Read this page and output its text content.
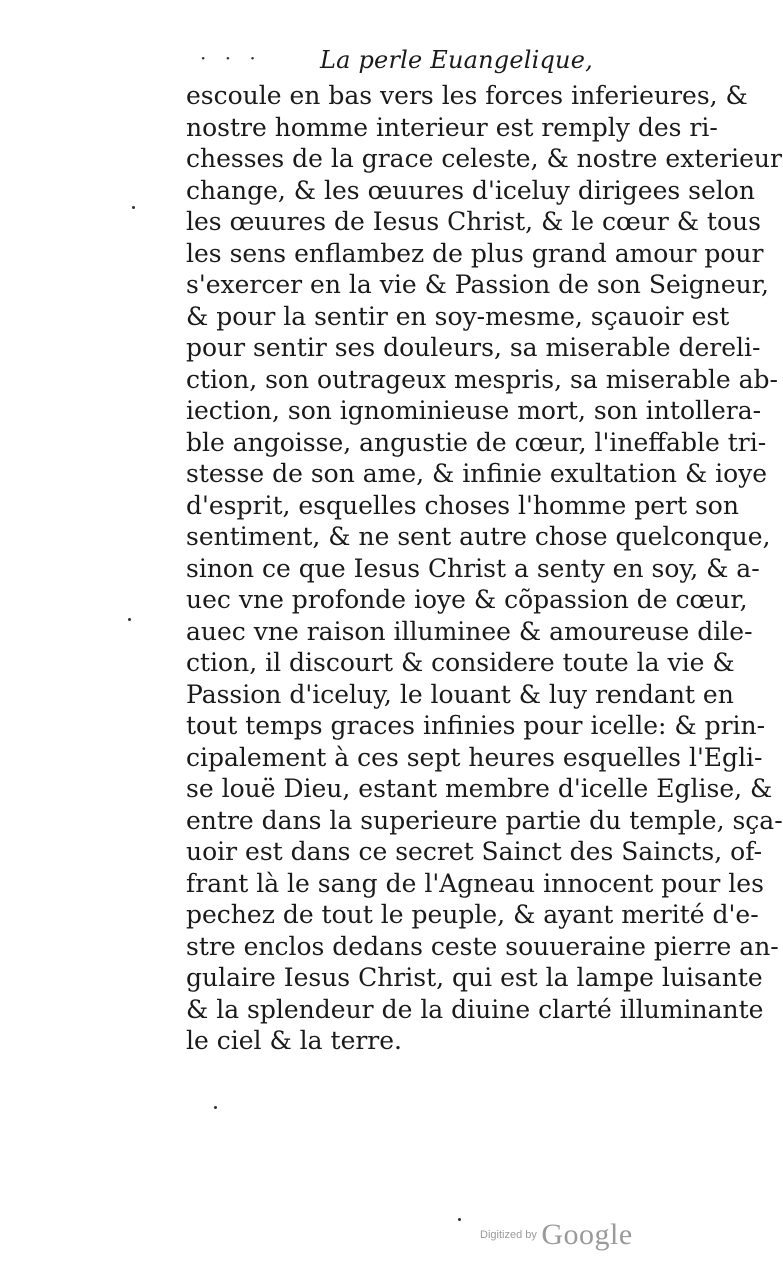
· · · La perle Euangelique,
escoule en bas vers les forces inferieures, &
nostre homme interieur est remply des ri-
chesses de la grace celeste, & nostre exterieur
change, & les œuures d'iceluy dirigees selon
les œuures de Iesus Christ, & le cœur & tous
les sens enflambez de plus grand amour pour
s'exercer en la vie & Passion de son Seigneur,
& pour la sentir en soy-mesme, sçauoir est
pour sentir ses douleurs, sa miserable dereli-
ction, son outrageux mespris, sa miserable ab-
iection, son ignominieuse mort, son intollera-
ble angoisse, angustie de cœur, l'ineffable tri-
stesse de son ame, & infinie exultation & ioye
d'esprit, esquelles choses l'homme pert son
sentiment, & ne sent autre chose quelconque,
sinon ce que Iesus Christ a senty en soy, & a-
uec vne profonde ioye & cõpassion de cœur,
auec vne raison illuminee & amoureuse dile-
ction, il discourt & considere toute la vie &
Passion d'iceluy, le louant & luy rendant en
tout temps graces infinies pour icelle: & prin-
cipalement à ces sept heures esquelles l'Egli-
se louë Dieu, estant membre d'icelle Eglise, &
entre dans la superieure partie du temple, sça-
uoir est dans ce secret Sainct des Saincts, of-
frant là le sang de l'Agneau innocent pour les
pechez de tout le peuple, & ayant merité d'e-
stre enclos dedans ceste souueraine pierre an-
gulaire Iesus Christ, qui est la lampe luisante
& la splendeur de la diuine clarté illuminante
le ciel & la terre.
Digitized by Google
